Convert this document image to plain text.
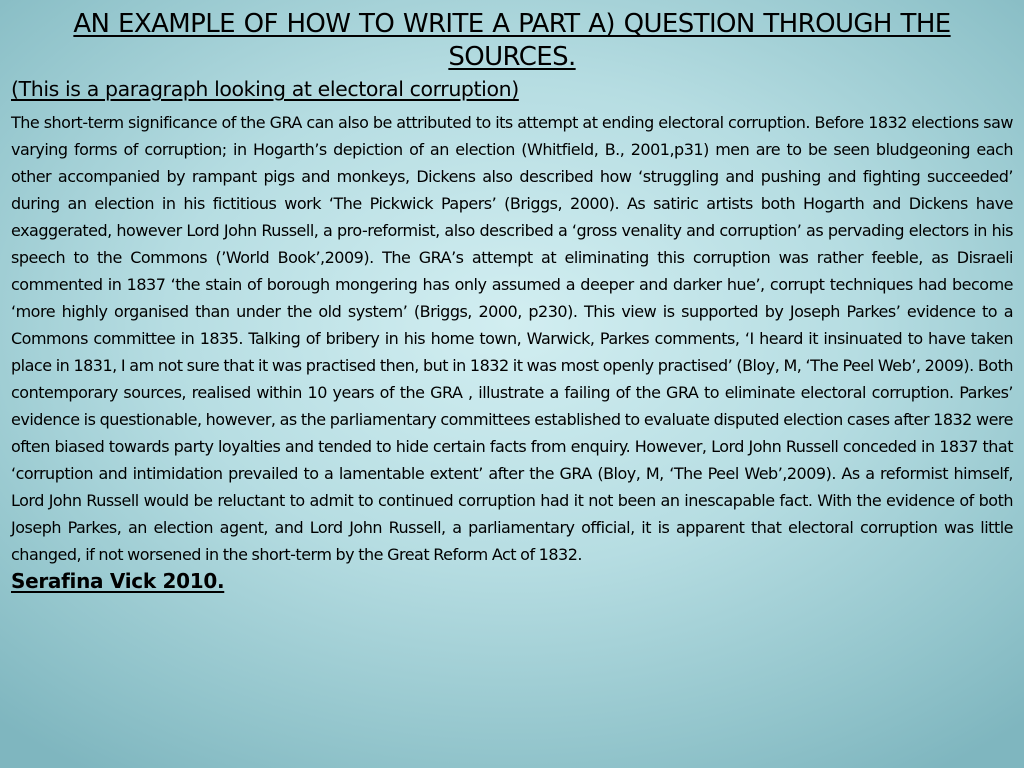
AN EXAMPLE OF HOW TO WRITE A PART A) QUESTION THROUGH THE SOURCES.
(This is a paragraph looking at electoral corruption)

The short-term significance of the GRA can also be attributed to its attempt at ending electoral corruption. Before 1832 elections saw varying forms of corruption; in Hogarth’s depiction of an election (Whitfield, B., 2001,p31) men are to be seen bludgeoning each other accompanied by rampant pigs and monkeys, Dickens also described how ‘struggling and pushing and fighting succeeded’ during an election in his fictitious work ‘The Pickwick Papers’ (Briggs, 2000). As satiric artists both Hogarth and Dickens have exaggerated, however Lord John Russell, a pro-reformist, also described a ‘gross venality and corruption’ as pervading electors in his speech to the Commons (’World Book’,2009). The GRA’s attempt at eliminating this corruption was rather feeble, as Disraeli commented in 1837 ‘the stain of borough mongering has only assumed a deeper and darker hue’, corrupt techniques had become ‘more highly organised than under the old system’ (Briggs, 2000, p230). This view is supported by Joseph Parkes’ evidence to a Commons committee in 1835. Talking of bribery in his home town, Warwick, Parkes comments, ‘I heard it insinuated to have taken place in 1831, I am not sure that it was practised then, but in 1832 it was most openly practised’ (Bloy, M, ‘The Peel Web’, 2009). Both contemporary sources, realised within 10 years of the GRA , illustrate a failing of the GRA to eliminate electoral corruption. Parkes’ evidence is questionable, however, as the parliamentary committees established to evaluate disputed election cases after 1832 were often biased towards party loyalties and tended to hide certain facts from enquiry. However, Lord John Russell conceded in 1837 that ‘corruption and intimidation prevailed to a lamentable extent’ after the GRA (Bloy, M, ‘The Peel Web’,2009). As a reformist himself, Lord John Russell would be reluctant to admit to continued corruption had it not been an inescapable fact. With the evidence of both Joseph Parkes, an election agent, and Lord John Russell, a parliamentary official, it is apparent that electoral corruption was little changed, if not worsened in the short-term by the Great Reform Act of 1832.

Serafina Vick 2010.
